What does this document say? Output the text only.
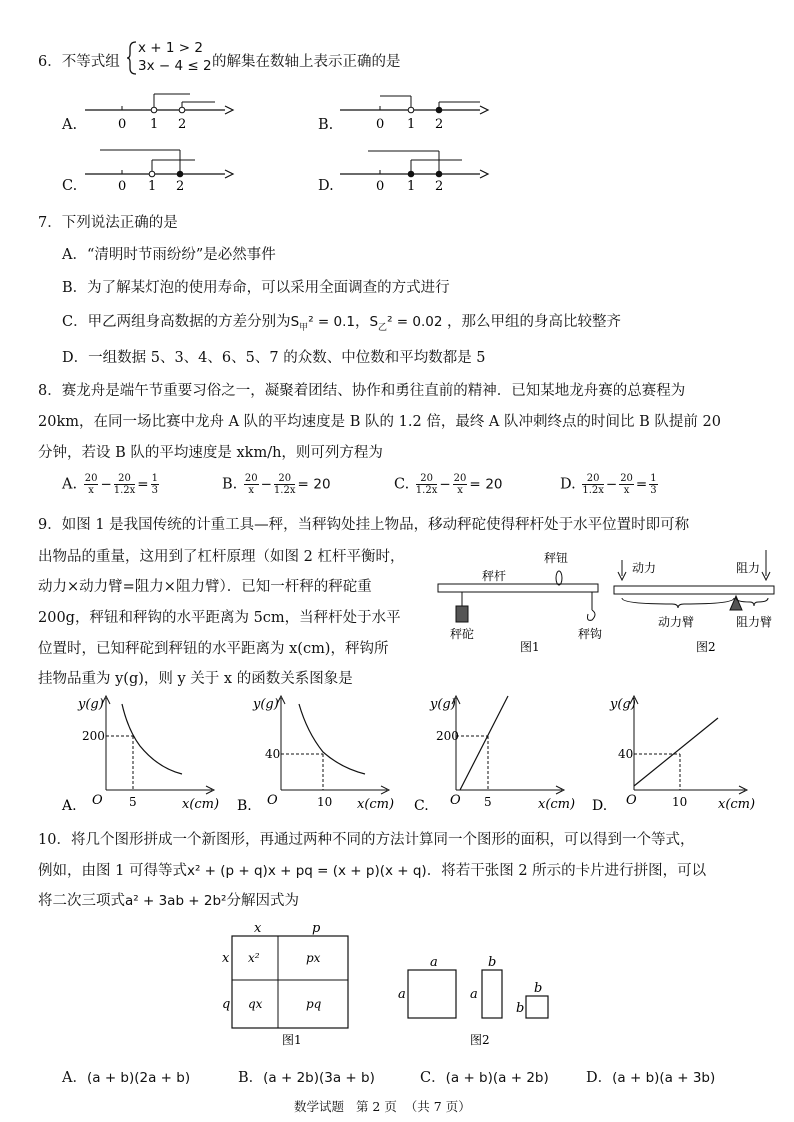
6．不等式组
x + 1 > 2
3x − 4 ≤ 2 的解集在数轴上表示正确的是
A.	0 1 2	B.	0 1 2
C.	0 1 2	D.	0 1 2
7．下列说法正确的是
A．“清明时节雨纷纷”是必然事件
B．为了解某灯泡的使用寿命，可以采用全面调查的方式进行
C．甲乙两组身高数据的方差分别为$S_甲^2 = 0.1$，$S_乙^2 = 0.02$ ，那么甲组的身高比较整齐
D．一组数据 5、3、4、6、5、7 的众数、中位数和平均数都是 5
8．赛龙舟是端午节重要习俗之一，凝聚着团结、协作和勇往直前的精神．已知某地龙舟赛的总赛程为
20km，在同一场比赛中龙舟 A 队的平均速度是 B 队的 1.2 倍，最终 A 队冲刺终点的时间比 B 队提前 20
分钟，若设 B 队的平均速度是 xkm/h，则可列方程为
A. $\frac{20}{x} - \frac{20}{1.2x} = \frac{1}{3}$	B. $\frac{20}{x} - \frac{20}{1.2x} = 20$	C. $\frac{20}{1.2x} - \frac{20}{x} = 20$	D. $\frac{20}{1.2x} - \frac{20}{x} = \frac{1}{3}$
9．如图 1 是我国传统的计重工具—秤，当秤钩处挂上物品，移动秤砣使得秤杆处于水平位置时即可称
出物品的重量，这用到了杠杆原理（如图 2 杠杆平衡时，
动力×动力臂=阻力×阻力臂）．已知一杆秤的秤砣重
200g，秤钮和秤钩的水平距离为 5cm，当秤杆处于水平
位置时，已知秤砣到秤钮的水平距离为 x(cm)，秤钩所
挂物品重为 y(g)，则 y 关于 x 的函数关系图象是
秤杆
秤钮
秤砣	秤钩
图1
动力	阻力
动力臂	阻力臂
图2
y(g)
x(cm)
O
200
5
A.
y(g)
x(cm)
O
40
10
B.
y(g)
x(cm)
O
200
5
C.
y(g)
x(cm)
O
40
10
D.
10．将几个图形拼成一个新图形，再通过两种不同的方法计算同一个图形的面积，可以得到一个等式，
例如，由图 1 可得等式x² + (p + q)x + pq = (x + p)(x + q)．将若干张图 2 所示的卡片进行拼图，可以
将二次三项式a² + 3ab + 2b²分解因式为
x	p
x
q
x²	px
qx	pq
图1
a
a
b
a	b
b
图2
A．(a + b)(2a + b)	B．(a + 2b)(3a + b)	C．(a + b)(a + 2b)	D．(a + b)(a + 3b)
数学试题 第 2 页 （共 7 页）
